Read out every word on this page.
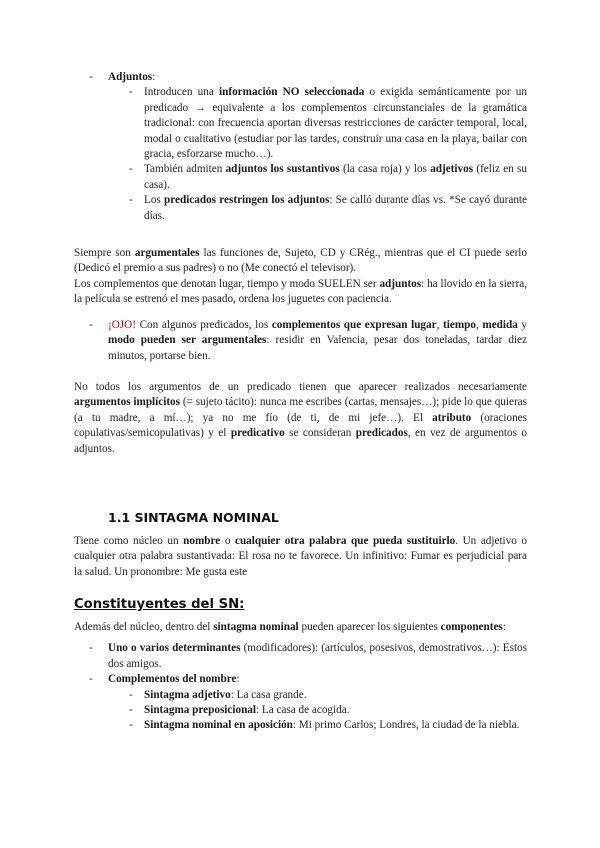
- Adjuntos:
- Introducen una información NO seleccionada o exigida semánticamente por un predicado → equivalente a los complementos circunstanciales de la gramática tradicional: con frecuencia aportan diversas restricciones de carácter temporal, local, modal o cualitativo (estudiar por las tardes, construir una casa en la playa, bailar con gracia, esforzarse mucho…).
- También admiten adjuntos los sustantivos (la casa roja) y los adjetivos (feliz en su casa).
- Los predicados restringen los adjuntos: Se calló durante días vs. *Se cayó durante días.

Siempre son argumentales las funciones de, Sujeto, CD y CRég., mientras que el CI puede serlo (Dedicó el premio a sus padres) o no (Me conectó el televisor).

Los complementos que denotan lugar, tiempo y modo SUELEN ser adjuntos: ha llovido en la sierra, la película se estrenó el mes pasado, ordena los juguetes con paciencia.

- ¡OJO! Con algunos predicados, los complementos que expresan lugar, tiempo, medida y modo pueden ser argumentales: residir en Valencia, pesar dos toneladas, tardar diez minutos, portarse bien.

No todos los argumentos de un predicado tienen que aparecer realizados necesariamente argumentos implícitos (= sujeto tácito): nunca me escribes (cartas, mensajes…); pide lo que quieras (a tu madre, a mí…); ya no me fío (de ti, de mi jefe…). El atributo (oraciones copulativas/semicopulativas) y el predicativo se consideran predicados, en vez de argumentos o adjuntos.

1.1 SINTAGMA NOMINAL

Tiene como núcleo un nombre o cualquier otra palabra que pueda sustituirlo. Un adjetivo o cualquier otra palabra sustantivada: El rosa no te favorece. Un infinitivo: Fumar es perjudicial para la salud. Un pronombre: Me gusta este

Constituyentes del SN:

Además del núcleo, dentro del sintagma nominal pueden aparecer los siguientes componentes:

- Uno o varios determinantes (modificadores): (artículos, posesivos, demostrativos…): Estos dos amigos.
- Complementos del nombre:
- Sintagma adjetivo: La casa grande.
- Sintagma preposicional: La casa de acogida.
- Sintagma nominal en aposición: Mi primo Carlos; Londres, la ciudad de la niebla.
